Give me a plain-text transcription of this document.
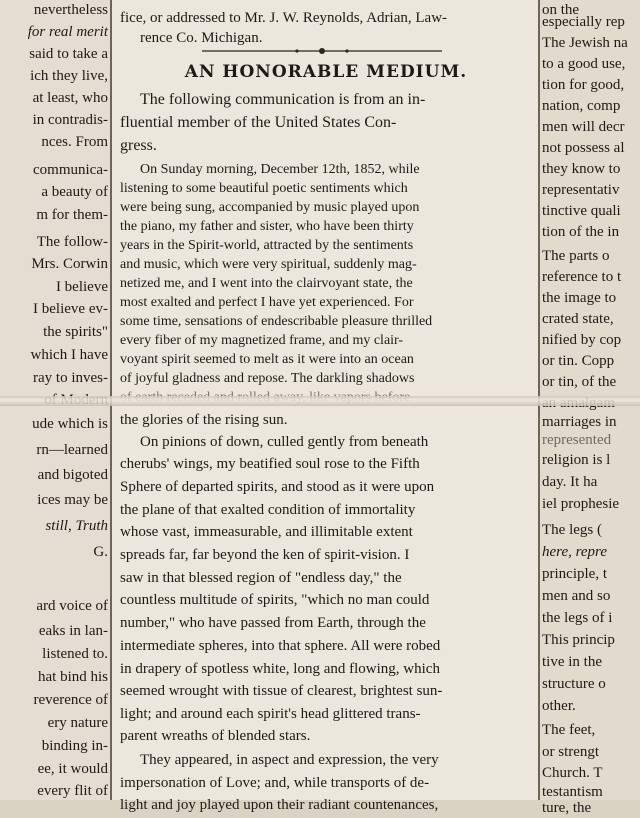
nevertheless
for real merit
said to take a
ich they live,
at least, who
in contradis-
nces. From
communica-
a beauty of
m for them-
The follow-
Mrs. Corwin
I believe
I believe ev-
the spirits"
which I have
ray to inves-
ude which is
rn—learned
and bigoted
ices may be
still, Truth
G.
ard voice of
eaks in lan-
listened to.
hat bind his
reverence of
ery nature
binding in-
ee, it would
every flit of
fice, or addressed to Mr. J. W. Reynolds, Adrian, Law-
rence Co. Michigan.
AN HONORABLE MEDIUM.
The following communication is from an in-
fluential member of the United States Con-
gress.
On Sunday morning, December 12th, 1852, while
listening to some beautiful poetic sentiments which
were being sung, accompanied by music played upon
the piano, my father and sister, who have been thirty
years in the Spirit-world, attracted by the sentiments
and music, which were very spiritual, suddenly mag-
netized me, and I went into the clairvoyant state, the
most exalted and perfect I have yet experienced. For
some time, sensations of endescribable pleasure thrilled
every fiber of my magnetized frame, and my clair-
voyant spirit seemed to melt as it were into an ocean
of joyful gladness and repose. The darkling shadows
the glories of the rising sun.
On pinions of down, culled gently from beneath
cherubs' wings, my beatified soul rose to the Fifth
Sphere of departed spirits, and stood as it were upon
the plane of that exalted condition of immortality
whose vast, immeasurable, and illimitable extent
spreads far, far beyond the ken of spirit-vision. I
saw in that blessed region of "endless day," the
countless multitude of spirits, "which no man could
number," who have passed from Earth, through the
intermediate spheres, into that sphere. All were robed
in drapery of spotless white, long and flowing, which
seemed wrought with tissue of clearest, brightest sun-
light; and around each spirit's head glittered trans-
parent wreaths of blended stars.
They appeared, in aspect and expression, the very
impersonation of Love; and, while transports of de-
light and joy played upon their radiant countenances,
on the
especially rep
The Jewish na
to a good use,
tion for good,
nation, comp
men will decr
not possess al
they know to
representativ
tinctive quali
tion of the in
The parts o
reference to t
the image to
crated state,
nified by cop
or tin. Copp
or tin, of the
marriages in
represented
religion is l
day. It ha
iel prophesie
The legs (
here, repre
principle, t
men and so
the legs of i
This princip
tive in the
structure o
other.
The feet,
or strengt
Church. T
testantism
ture, the
